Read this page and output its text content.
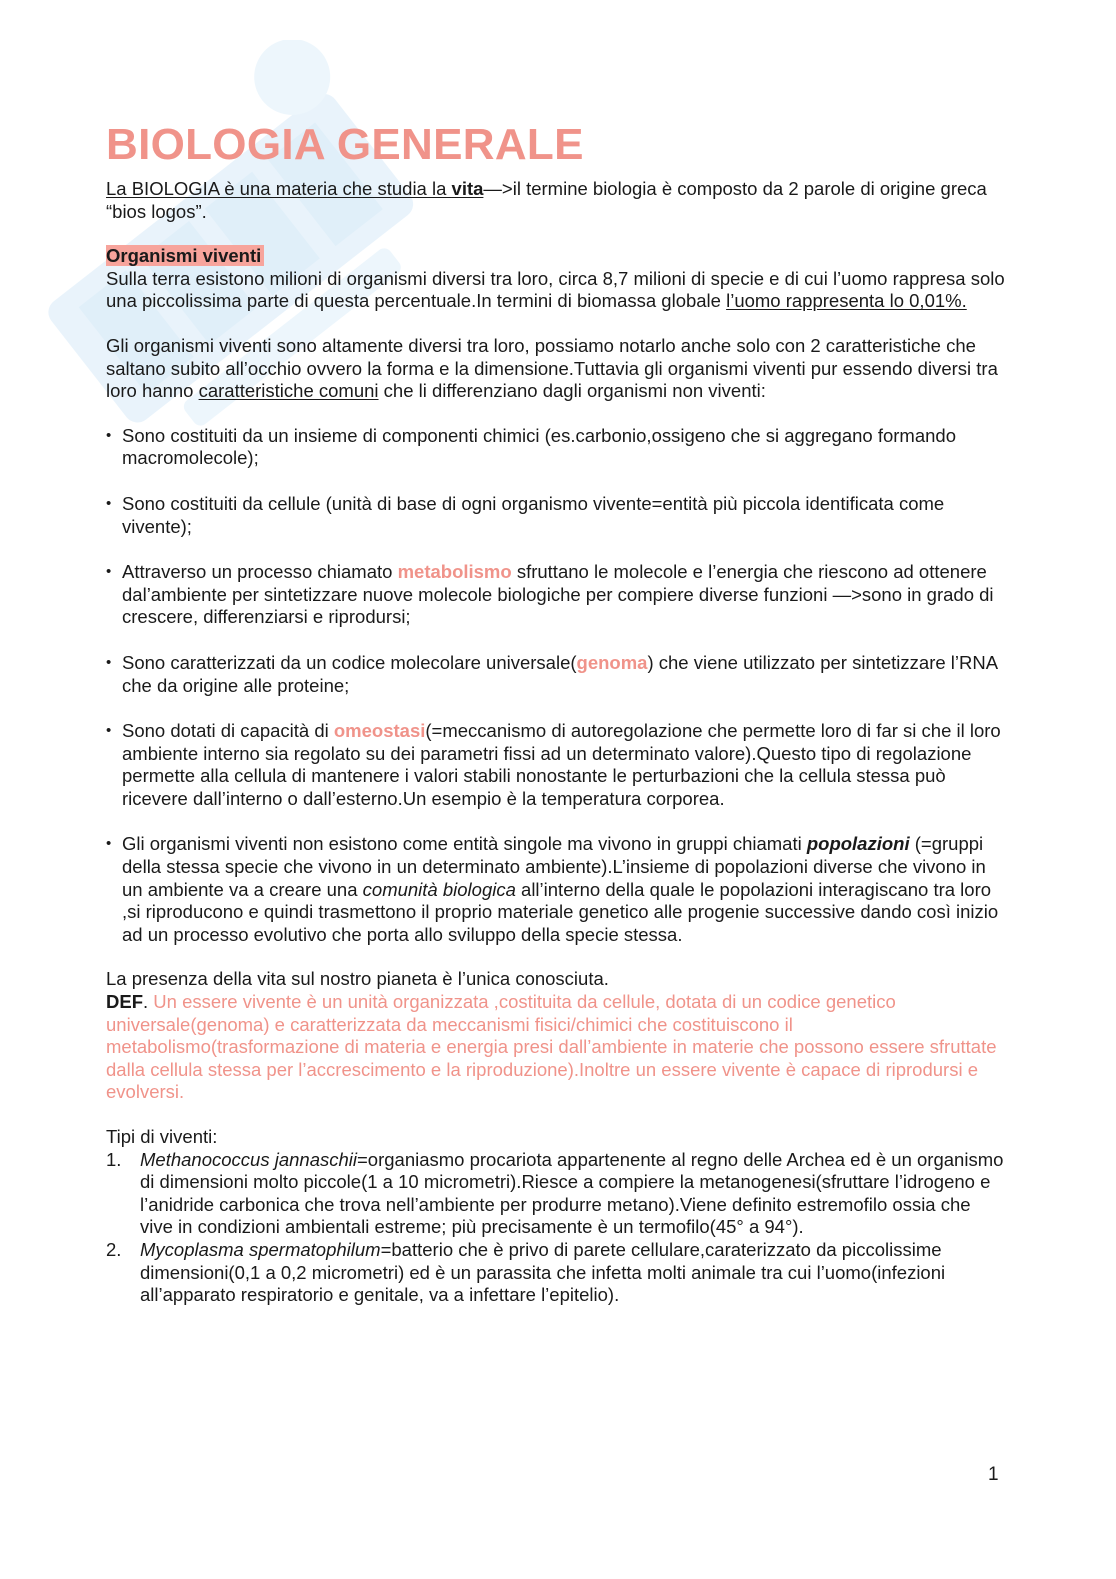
BIOLOGIA GENERALE

La BIOLOGIA è una materia che studia la vita—>il termine biologia è composto da 2 parole di origine greca “bios logos”.

Organismi viventi

Sulla terra esistono milioni di organismi diversi tra loro, circa 8,7 milioni di specie e di cui l’uomo rappresa solo una piccolissima parte di questa percentuale.In termini di biomassa globale l’uomo rappresenta lo 0,01%.

Gli organismi viventi sono altamente diversi tra loro, possiamo notarlo anche solo con 2 caratteristiche che saltano subito all’occhio ovvero la forma e la dimensione.Tuttavia gli organismi viventi pur essendo diversi tra loro hanno caratteristiche comuni che li differenziano dagli organismi non viventi:

• Sono costituiti da un insieme di componenti chimici (es.carbonio,ossigeno che si aggregano formando macromolecole);
• Sono costituiti da cellule (unità di base di ogni organismo vivente=entità più piccola identificata come vivente);
• Attraverso un processo chiamato metabolismo sfruttano le molecole e l’energia che riescono ad ottenere dal’ambiente per sintetizzare nuove molecole biologiche per compiere diverse funzioni —>sono in grado di crescere, differenziarsi e riprodursi;
• Sono caratterizzati da un codice molecolare universale(genoma) che viene utilizzato per sintetizzare l’RNA che da origine alle proteine;
• Sono dotati di capacità di omeostasi(=meccanismo di autoregolazione che permette loro di far si che il loro ambiente interno sia regolato su dei parametri fissi ad un determinato valore).Questo tipo di regolazione permette alla cellula di mantenere i valori stabili nonostante le perturbazioni che la cellula stessa può ricevere dall’interno o dall’esterno.Un esempio è la temperatura corporea.
• Gli organismi viventi non esistono come entità singole ma vivono in gruppi chiamati popolazioni (=gruppi della stessa specie che vivono in un determinato ambiente).L’insieme di popolazioni diverse che vivono in un ambiente va a creare una comunità biologica all’interno della quale le popolazioni interagiscano tra loro ,si riproducono e quindi trasmettono il proprio materiale genetico alle progenie successive dando così inizio ad un processo evolutivo che porta allo sviluppo della specie stessa.

La presenza della vita sul nostro pianeta è l’unica conosciuta.

DEF. Un essere vivente è un unità organizzata ,costituita da cellule, dotata di un codice genetico universale(genoma) e caratterizzata da meccanismi fisici/chimici che costituiscono il metabolismo(trasformazione di materia e energia presi dall’ambiente in materie che possono essere sfruttate dalla cellula stessa per l’accrescimento e la riproduzione).Inoltre un essere vivente è capace di riprodursi e evolversi.

Tipi di viventi:

1. Methanococcus jannaschii=organiasmo procariota appartenente al regno delle Archea ed è un organismo di dimensioni molto piccole(1 a 10 micrometri).Riesce a compiere la metanogenesi(sfruttare l’idrogeno e l’anidride carbonica che trova nell’ambiente per produrre metano).Viene definito estremofilo ossia che vive in condizioni ambientali estreme; più precisamente è un termofilo(45° a 94°).
2. Mycoplasma spermatophilum=batterio che è privo di parete cellulare,caraterizzato da piccolissime dimensioni(0,1 a 0,2 micrometri) ed è un parassita che infetta molti animale tra cui l’uomo(infezioni all’apparato respiratorio e genitale, va a infettare l’epitelio).
1
